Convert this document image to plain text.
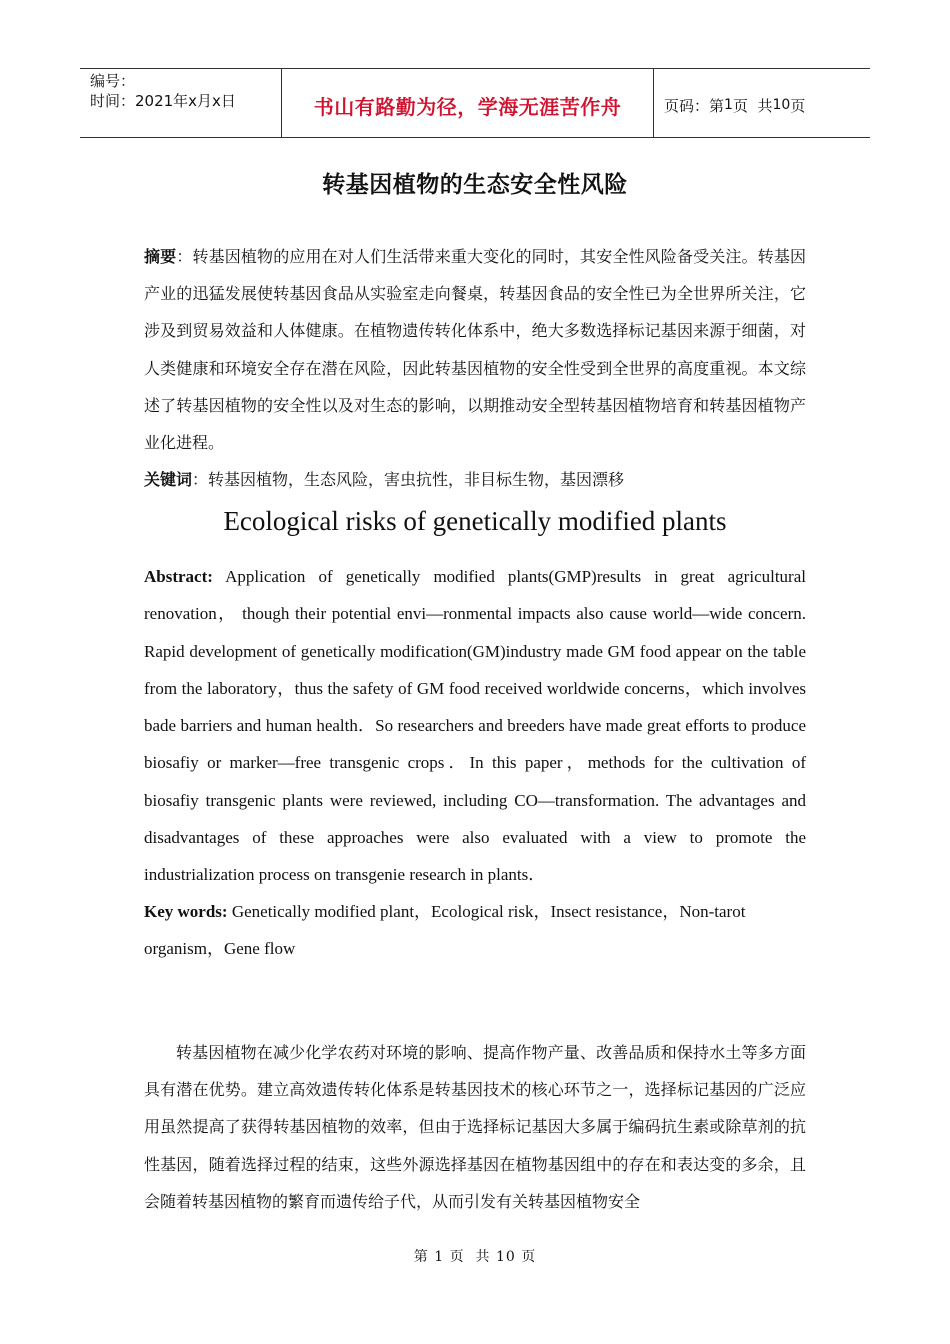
编号：
时间：2021年x月x日	书山有路勤为径，学海无涯苦作舟	页码：第 1 页  共 10 页
转基因植物的生态安全性风险
摘要：转基因植物的应用在对人们生活带来重大变化的同时，其安全性风险备受关注。转基因产业的迅猛发展使转基因食品从实验室走向餐桌，转基因食品的安全性已为全世界所关注，它涉及到贸易效益和人体健康。在植物遗传转化体系中，绝大多数选择标记基因来源于细菌，对人类健康和环境安全存在潜在风险，因此转基因植物的安全性受到全世界的高度重视。本文综述了转基因植物的安全性以及对生态的影响，以期推动安全型转基因植物培育和转基因植物产业化进程。
关键词：转基因植物，生态风险，害虫抗性，非目标生物，基因漂移
Ecological risks of genetically modified plants
Abstract: Application of genetically modified plants(GMP)results in great agricultural renovation， though their potential envi—ronmental impacts also cause world—wide concern. Rapid development of genetically modification(GM)industry made GM food appear on the table from the laboratory，thus the safety of GM food received worldwide concerns，which involves bade barriers and human health．So researchers and breeders have made great efforts to produce biosafiy or marker—free transgenic crops．In this paper，methods for the cultivation of biosafiy transgenic plants were reviewed, including CO—transformation. The advantages and disadvantages of these approaches were also evaluated with a view to promote the industrialization process on transgenie research in plants．
Key words: Genetically modified plant，Ecological risk，Insect resistance，Non-tarot organism，Gene flow
转基因植物在减少化学农药对环境的影响、提高作物产量、改善品质和保持水土等多方面具有潜在优势。建立高效遗传转化体系是转基因技术的核心环节之一，选择标记基因的广泛应用虽然提高了获得转基因植物的效率，但由于选择标记基因大多属于编码抗生素或除草剂的抗性基因，随着选择过程的结束，这些外源选择基因在植物基因组中的存在和表达变的多余，且会随着转基因植物的繁育而遗传给子代，从而引发有关转基因植物安全
第 1 页  共 10 页
